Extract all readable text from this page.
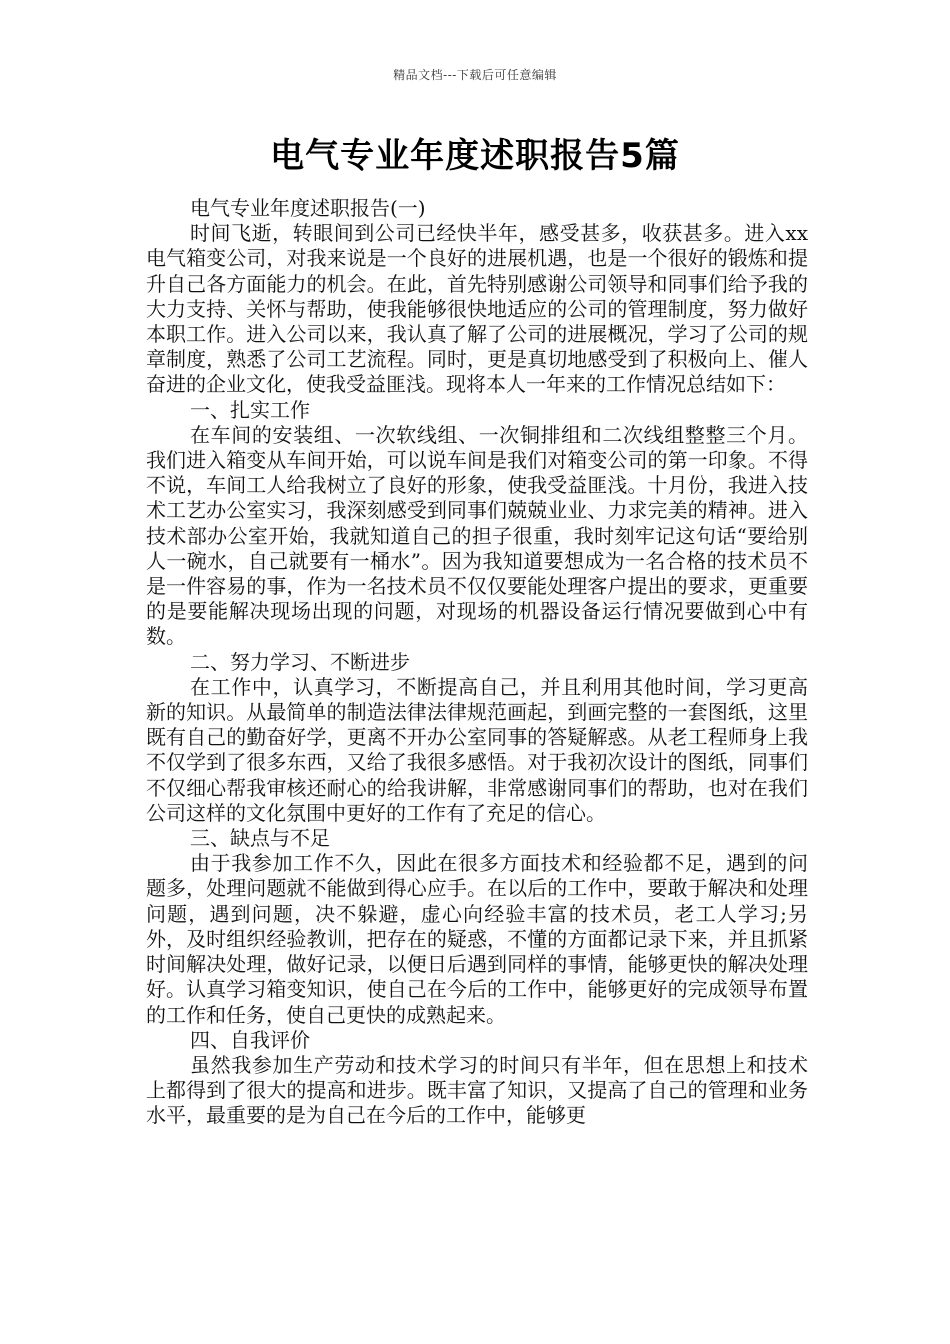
精品文档---下载后可任意编辑
电气专业年度述职报告5篇

电气专业年度述职报告(一)

时间飞逝，转眼间到公司已经快半年，感受甚多，收获甚多。进入xx电气箱变公司，对我来说是一个良好的进展机遇，也是一个很好的锻炼和提升自己各方面能力的机会。在此，首先特别感谢公司领导和同事们给予我的大力支持、关怀与帮助，使我能够很快地适应的公司的管理制度，努力做好本职工作。进入公司以来，我认真了解了公司的进展概况，学习了公司的规章制度，熟悉了公司工艺流程。同时，更是真切地感受到了积极向上、催人奋进的企业文化，使我受益匪浅。现将本人一年来的工作情况总结如下：

一、扎实工作

在车间的安装组、一次软线组、一次铜排组和二次线组整整三个月。我们进入箱变从车间开始，可以说车间是我们对箱变公司的第一印象。不得不说，车间工人给我树立了良好的形象，使我受益匪浅。十月份，我进入技术工艺办公室实习，我深刻感受到同事们兢兢业业、力求完美的精神。进入技术部办公室开始，我就知道自己的担子很重，我时刻牢记这句话“要给别人一碗水，自己就要有一桶水”。因为我知道要想成为一名合格的技术员不是一件容易的事，作为一名技术员不仅仅要能处理客户提出的要求，更重要的是要能解决现场出现的问题，对现场的机器设备运行情况要做到心中有数。

二、努力学习、不断进步

在工作中，认真学习，不断提高自己，并且利用其他时间，学习更高新的知识。从最简单的制造法律法律规范画起，到画完整的一套图纸，这里既有自己的勤奋好学，更离不开办公室同事的答疑解惑。从老工程师身上我不仅学到了很多东西，又给了我很多感悟。对于我初次设计的图纸，同事们不仅细心帮我审核还耐心的给我讲解，非常感谢同事们的帮助，也对在我们公司这样的文化氛围中更好的工作有了充足的信心。

三、缺点与不足

由于我参加工作不久，因此在很多方面技术和经验都不足，遇到的问题多，处理问题就不能做到得心应手。在以后的工作中，要敢于解决和处理问题，遇到问题，决不躲避，虚心向经验丰富的技术员，老工人学习;另外，及时组织经验教训，把存在的疑惑，不懂的方面都记录下来，并且抓紧时间解决处理，做好记录，以便日后遇到同样的事情，能够更快的解决处理好。认真学习箱变知识，使自己在今后的工作中，能够更好的完成领导布置的工作和任务，使自己更快的成熟起来。

四、自我评价

虽然我参加生产劳动和技术学习的时间只有半年，但在思想上和技术上都得到了很大的提高和进步。既丰富了知识，又提高了自己的管理和业务水平，最重要的是为自己在今后的工作中，能够更
